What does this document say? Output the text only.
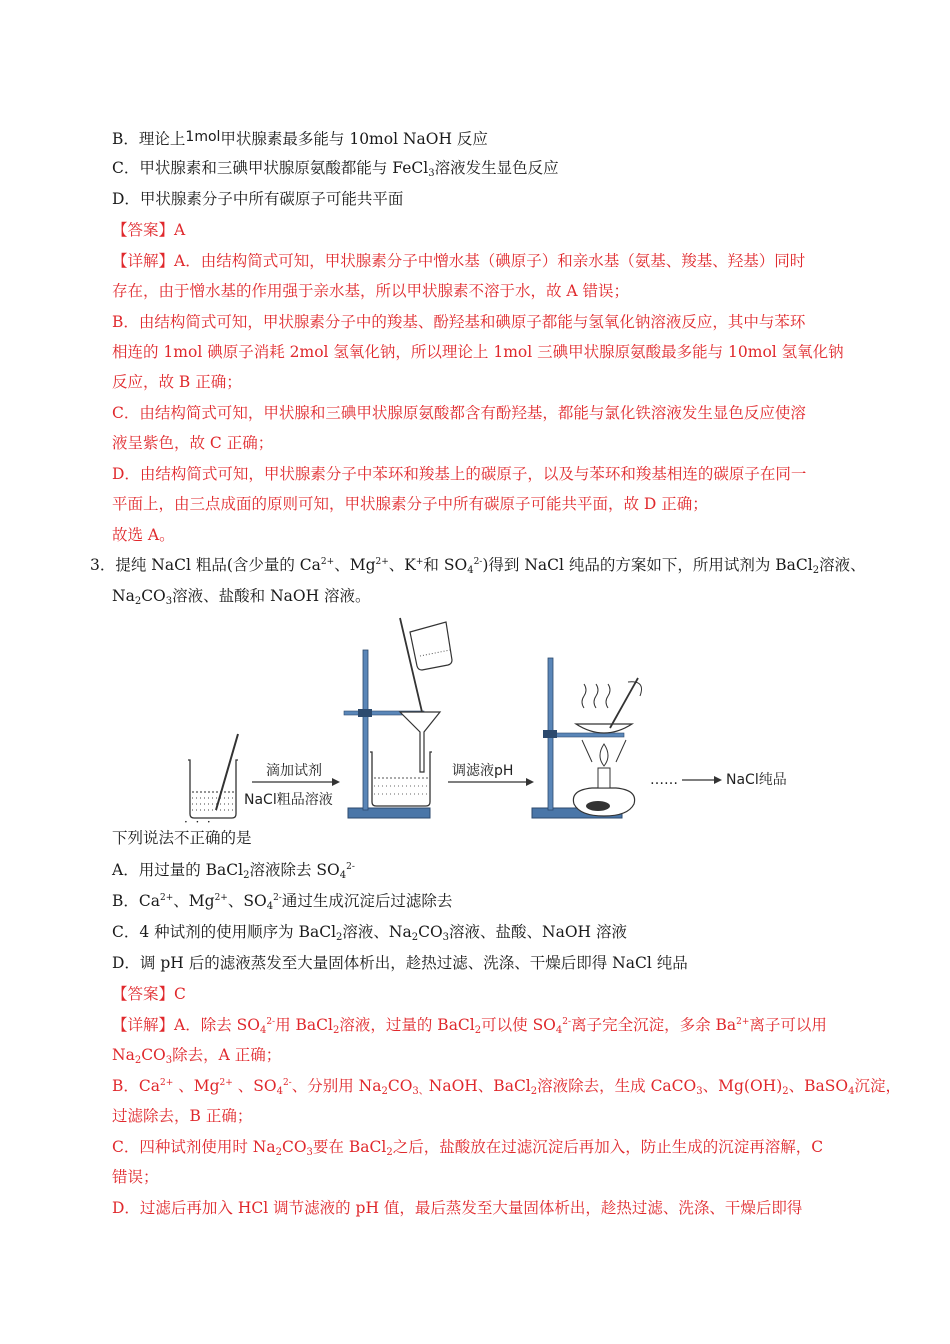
B．理论上1mol甲状腺素最多能与 10mol NaOH 反应
C．甲状腺素和三碘甲状腺原氨酸都能与 FeCl$_3$溶液发生显色反应
D．甲状腺素分子中所有碳原子可能共平面
【答案】A
【详解】A．由结构简式可知，甲状腺素分子中憎水基（碘原子）和亲水基（氨基、羧基、羟基）同时
存在，由于憎水基的作用强于亲水基，所以甲状腺素不溶于水，故 A 错误；
B．由结构简式可知，甲状腺素分子中的羧基、酚羟基和碘原子都能与氢氧化钠溶液反应，其中与苯环
相连的 1mol 碘原子消耗 2mol 氢氧化钠，所以理论上 1mol 三碘甲状腺原氨酸最多能与 10mol 氢氧化钠
反应，故 B 正确；
C．由结构简式可知，甲状腺和三碘甲状腺原氨酸都含有酚羟基，都能与氯化铁溶液发生显色反应使溶
液呈紫色，故 C 正确；
D．由结构简式可知，甲状腺素分子中苯环和羧基上的碳原子，以及与苯环和羧基相连的碳原子在同一
平面上，由三点成面的原则可知，甲状腺素分子中所有碳原子可能共平面，故 D 正确；
故选 A。
3．提纯 NaCl 粗品(含少量的 $Ca^{2+}$、$Mg^{2+}$、K+和 $SO_4^{2-}$)得到 NaCl 纯品的方案如下，所用试剂为 BaCl$_2$溶液、
$Na_2CO_3$溶液、盐酸和 NaOH 溶液。
NaCl粗品溶液
滴加试剂	调滤液pH
……	NaCl纯品
·  ·  ·
下列说法不正确的是
A．用过量的 BaCl$_2$溶液除去 $SO_4^{2-}$
B．$Ca^{2+}$、$Mg^{2+}$、$SO_4^{2-}$通过生成沉淀后过滤除去
C．4 种试剂的使用顺序为 BaCl$_2$溶液、$Na_2CO_3$溶液、盐酸、NaOH 溶液
D．调 pH 后的滤液蒸发至大量固体析出，趁热过滤、洗涤、干燥后即得 NaCl 纯品
【答案】C
【详解】A．除去 $SO_4^{2-}$用 BaCl$_2$溶液，过量的 BaCl$_2$可以使 $SO_4^{2-}$离子完全沉淀，多余 $Ba^{2+}$离子可以用
$Na_2CO_3$除去，A 正确；
B．$Ca^{2+}$ 、$Mg^{2+}$ 、$SO_4^{2-}$、分别用 $Na_2CO_{3、}NaOH$、BaCl$_2$溶液除去，生成 CaCO$_3$、$Mg(OH)_2$、BaSO$_4$沉淀，
过滤除去，B 正确；
C．四种试剂使用时 $Na_2CO_3$要在 BaCl$_2$之后，盐酸放在过滤沉淀后再加入，防止生成的沉淀再溶解，C
错误；
D．过滤后再加入 HCl 调节滤液的 pH 值，最后蒸发至大量固体析出，趁热过滤、洗涤、干燥后即得
